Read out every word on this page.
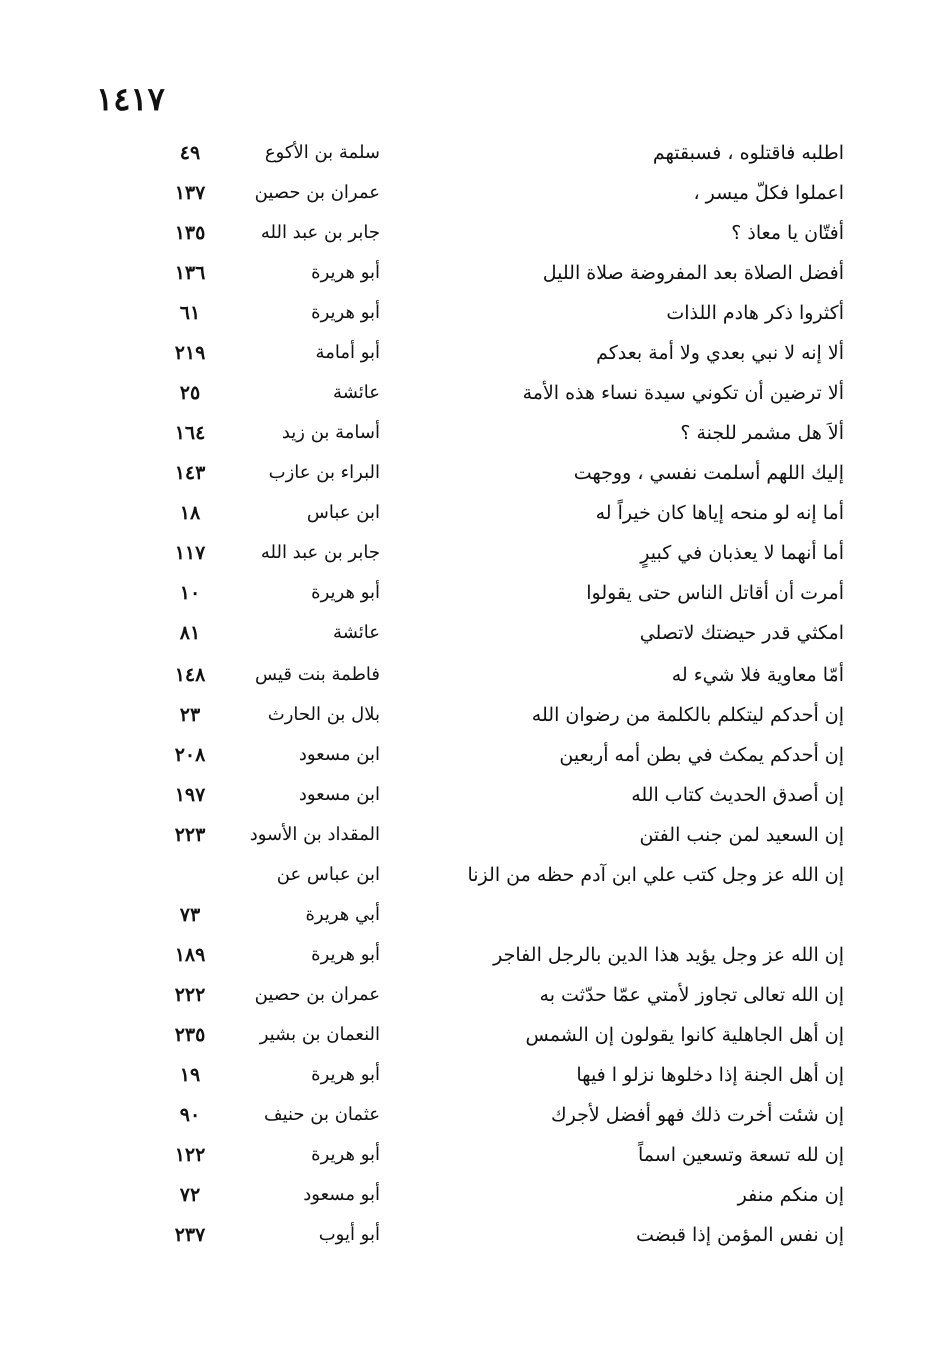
١٤١٧
اطلبه فاقتلوه ، فسبقتهم
سلمة بن الأكوع
٤٩
اعملوا فكلّ ميسر ،
عمران بن حصين
١٣٧
أفتّان يا معاذ ؟
جابر بن عبد الله
١٣٥
أفضل الصلاة بعد المفروضة صلاة الليل
أبو هريرة
١٣٦
أكثروا ذكر هادم اللذات
أبو هريرة
٦١
ألا إنه لا نبي بعدي ولا أمة بعدكم
أبو أمامة
٢١٩
ألا ترضين أن تكوني سيدة نساء هذه الأمة
عائشة
٢٥
ألاَ هل مشمر للجنة ؟
أسامة بن زيد
١٦٤
إليك اللهم أسلمت نفسي ، ووجهت
البراء بن عازب
١٤٣
أما إنه لو منحه إياها كان خيراً له
ابن عباس
١٨
أما أنهما لا يعذبان في كبيرٍ
جابر بن عبد الله
١١٧
أمرت أن أقاتل الناس حتى يقولوا
أبو هريرة
١٠
امكثي قدر حيضتك لاتصلي
عائشة
٨١
أمّا معاوية فلا شيء له
فاطمة بنت قيس
١٤٨
إن أحدكم ليتكلم بالكلمة من رضوان الله
بلال بن الحارث
٢٣
إن أحدكم يمكث في بطن أمه أربعين
ابن مسعود
٢٠٨
إن أصدق الحديث كتاب الله
ابن مسعود
١٩٧
إن السعيد لمن جنب الفتن
المقداد بن الأسود
٢٢٣
إن الله عز وجل كتب علي ابن آدم حظه من الزنا
ابن عباس عن
أبي هريرة
٧٣
إن الله عز وجل يؤيد هذا الدين بالرجل الفاجر
أبو هريرة
١٨٩
إن الله تعالى تجاوز لأمتي عمّا حدّثت به
عمران بن حصين
٢٢٢
إن أهل الجاهلية كانوا يقولون إن الشمس
النعمان بن بشير
٢٣٥
إن أهل الجنة إذا دخلوها نزلو ا فيها
أبو هريرة
١٩
إن شئت أخرت ذلك فهو أفضل لأجرك
عثمان بن حنيف
٩٠
إن لله تسعة وتسعين اسماً
أبو هريرة
١٢٢
إن منكم منفر
أبو مسعود
٧٢
إن نفس المؤمن إذا قبضت
أبو أيوب
٢٣٧
